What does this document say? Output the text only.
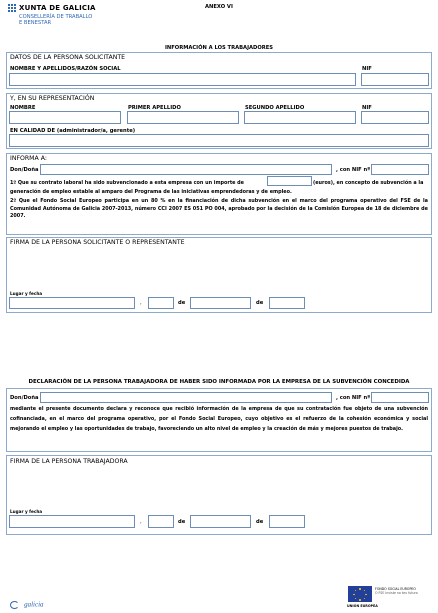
XUNTA DE GALICIA
CONSELLERÍA DE TRABALLO
E BENESTAR
ANEXO VI
INFORMACIÓN A LOS TRABAJADORES
DATOS DE LA PERSONA SOLICITANTE
NOMBRE Y APELLIDOS/RAZÓN SOCIAL	NIF
Y, EN SU REPRESENTACIÓN
NOMBRE	PRIMER APELLIDO	SEGUNDO APELLIDO	NIF
EN CALIDAD DE (administrador/a, gerente)
INFORMA A:
Don/Doña	, con NIF nº
1º Que su contrato laboral ha sido subvencionado a esta empresa con un importe de	(euros), en concepto de subvención a la
generación de empleo estable al amparo del Programa de las iniciativas emprendedoras y de empleo.
2º Que el Fondo Social Europeo participa en un 80 % en la financiación de dicha subvención en el marco del programa operativo del FSE de la Comunidad Autónoma de Galicia 2007-2013, número CCI 2007 ES 051 PO 004, aprobado por la decisión de la Comisión Europea de 18 de diciembre de 2007.
FIRMA DE LA PERSONA SOLICITANTE O REPRESENTANTE
Lugar y fecha
,	de	de
DECLARACIÓN DE LA PERSONA TRABAJADORA DE HABER SIDO INFORMADA POR LA EMPRESA DE LA SUBVENCIÓN CONCEDIDA
Don/Doña	, con NIF nº
mediante el presente documento declara y reconoce que recibió información de la empresa de que su contratación fue objeto de una subvención cofinanciada, en el marco del programa operativo, por el Fondo Social Europeo, cuyo objetivo es el refuerzo de la cohesión económica y social mejorando el empleo y las oportunidades de trabajo, favoreciendo un alto nivel de empleo y la creación de más y mejores puestos de trabajo.
FIRMA DE LA PERSONA TRABAJADORA
Lugar y fecha
,	de	de
galicia
FONDO SOCIAL EUROPEO
O FSE inviste no teu futuro
UNIÓN EUROPEA
